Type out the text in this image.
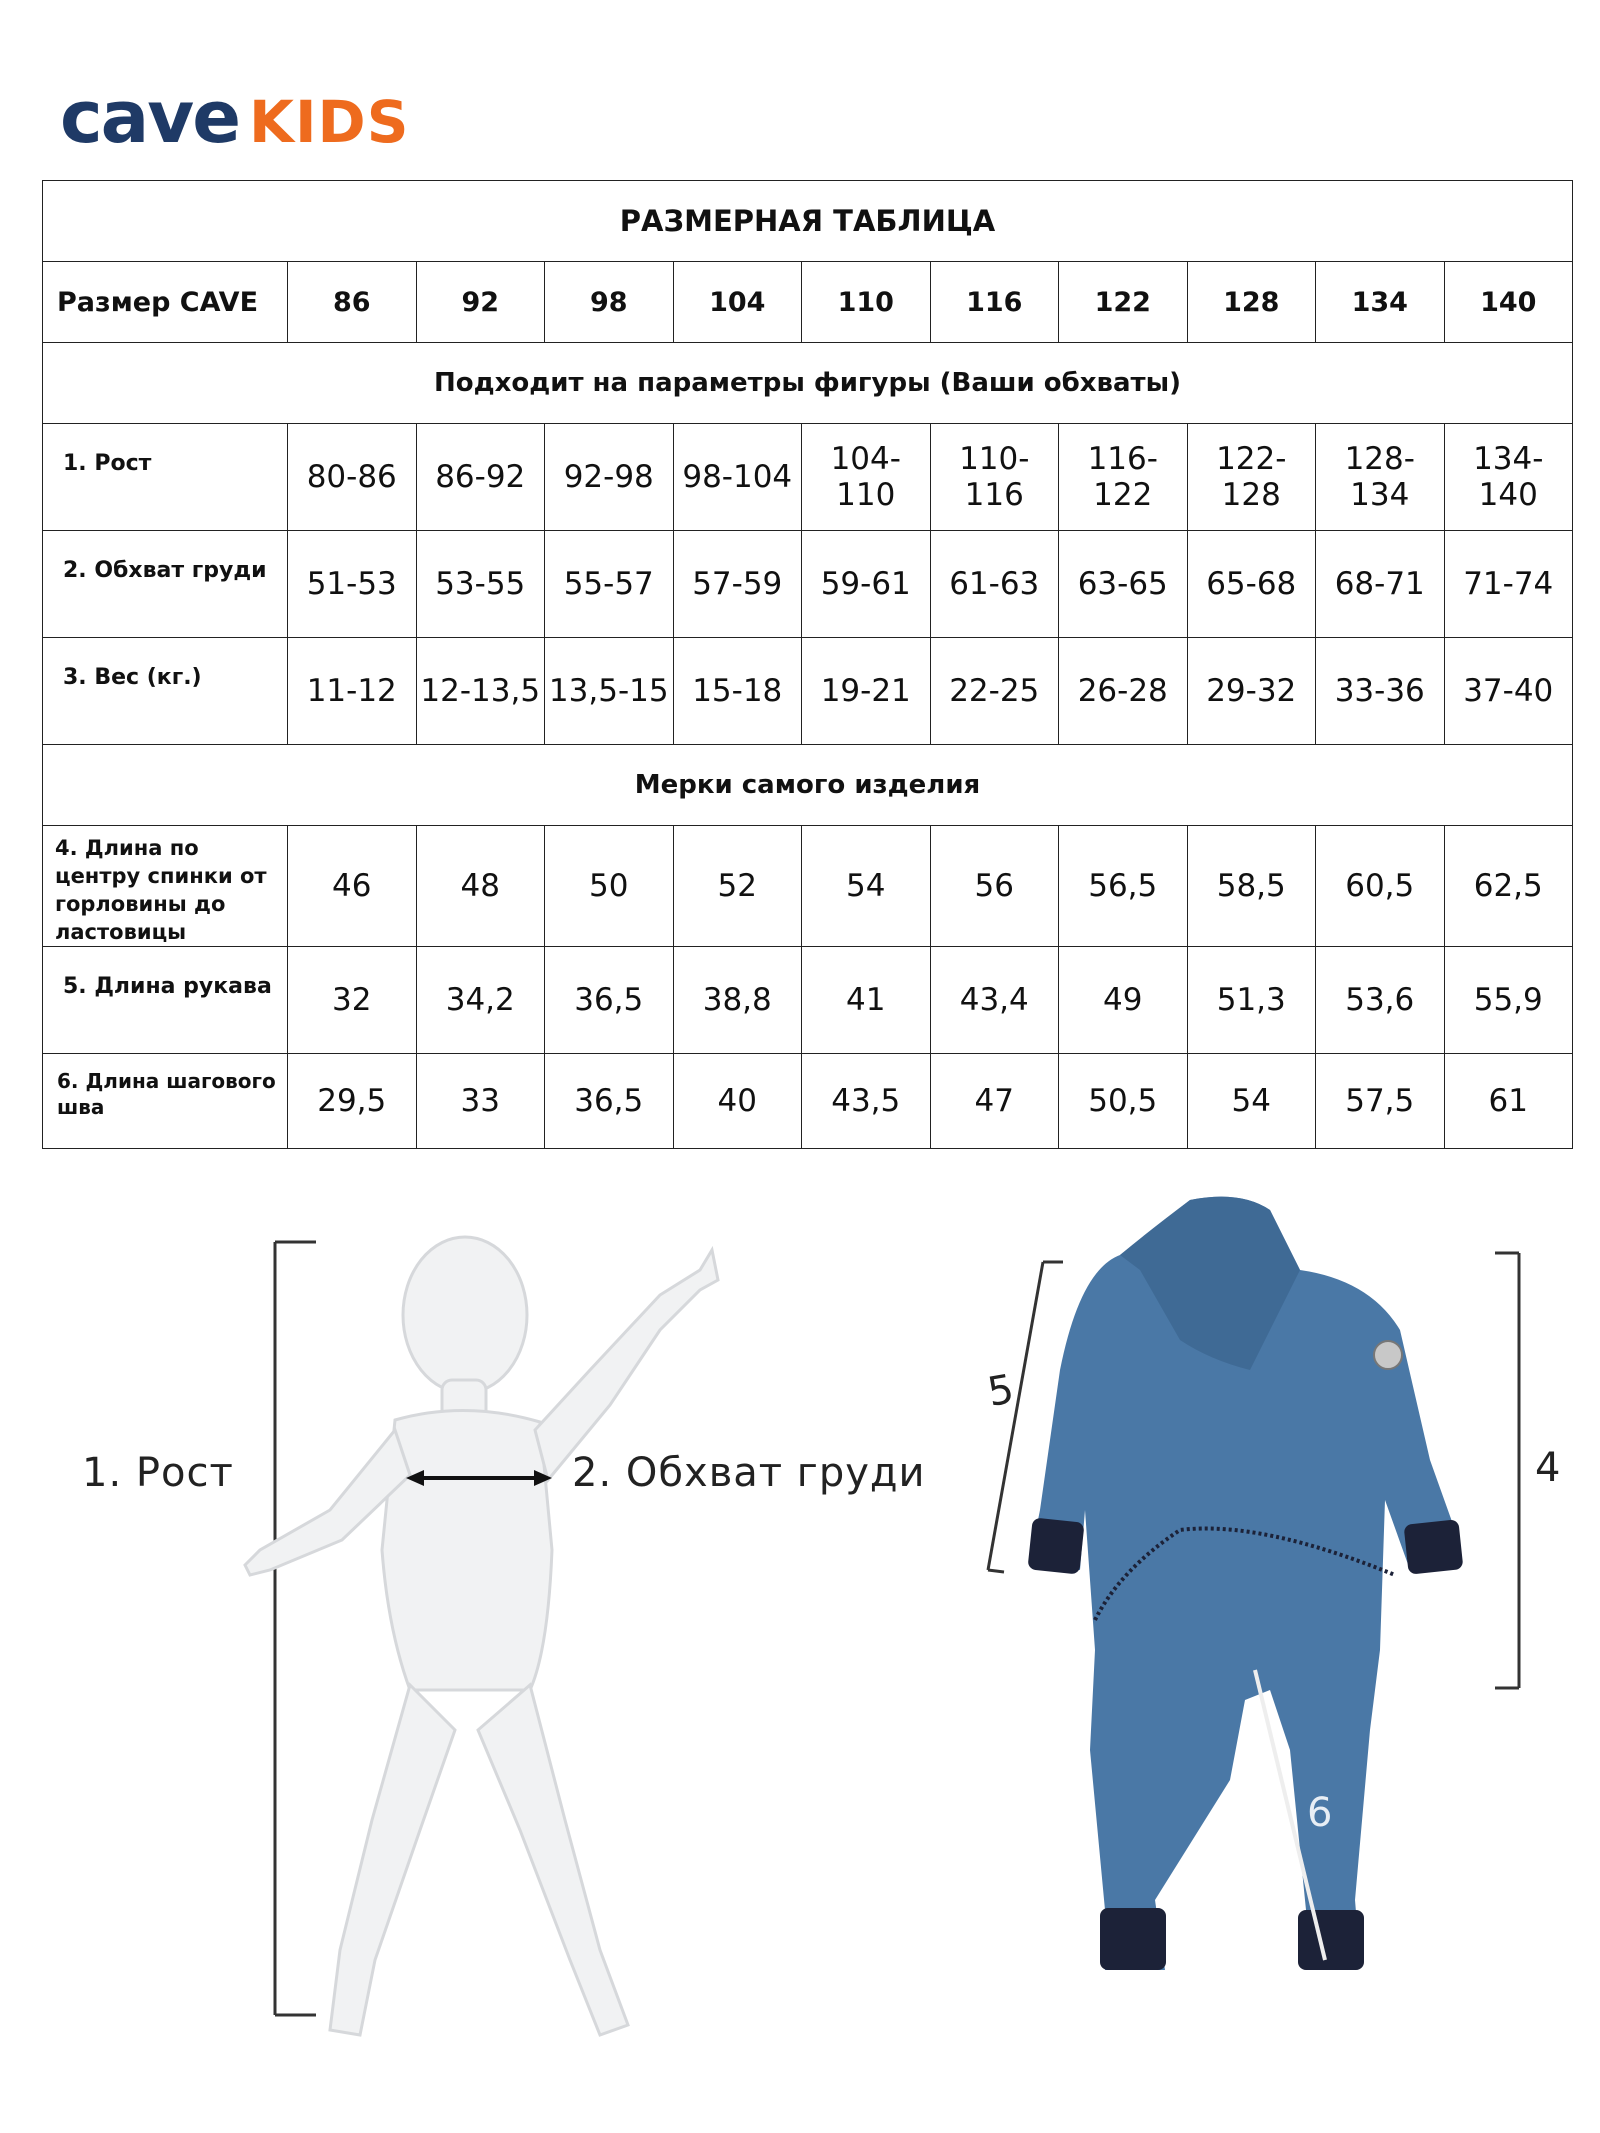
cave KIDS
РАЗМЕРНАЯ ТАБЛИЦА										
Размер CAVE	86	92	98	104	110	116	122	128	134	140
Подходит на параметры фигуры (Ваши обхваты)										
1. Рост	80-86	86-92	92-98	98-104	104-110	110-116	116-122	122-128	128-134	134-140
2. Обхват груди	51-53	53-55	55-57	57-59	59-61	61-63	63-65	65-68	68-71	71-74
3. Вес (кг.)	11-12	12-13,5	13,5-15	15-18	19-21	22-25	26-28	29-32	33-36	37-40
Мерки самого изделия										
4. Длина по центру спинки от горловины до ластовицы	46	48	50	52	54	56	56,5	58,5	60,5	62,5
5. Длина рукава	32	34,2	36,5	38,8	41	43,4	49	51,3	53,6	55,9
6. Длина шагового шва	29,5	33	36,5	40	43,5	47	50,5	54	57,5	61
1. Рост	2. Обхват груди
5
4
6
